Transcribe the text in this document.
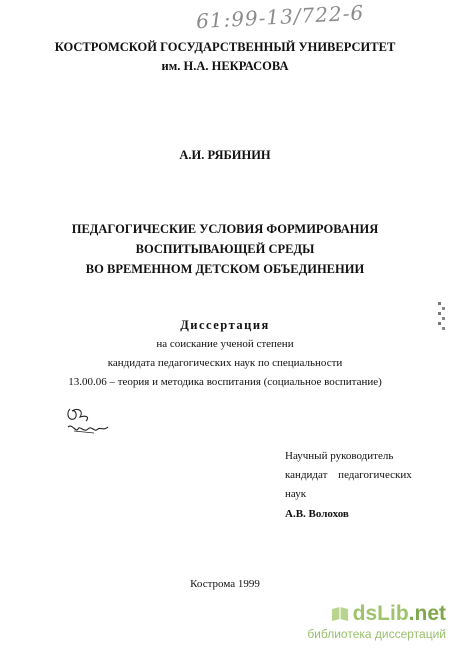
61:99-13/722-6
КОСТРОМСКОЙ ГОСУДАРСТВЕННЫЙ УНИВЕРСИТЕТ
им. Н.А. НЕКРАСОВА
А.И. РЯБИНИН
ПЕДАГОГИЧЕСКИЕ УСЛОВИЯ ФОРМИРОВАНИЯ
ВОСПИТЫВАЮЩЕЙ СРЕДЫ
ВО ВРЕМЕННОМ ДЕТСКОМ ОБЪЕДИНЕНИИ
Диссертация
на соискание ученой степени
кандидата педагогических наук по специальности
13.00.06 – теория и методика воспитания (социальное воспитание)
Научный руководитель
кандидат педагогических
наук
А.В. Волохов
Кострома 1999
dsLib.net
библиотека диссертаций
